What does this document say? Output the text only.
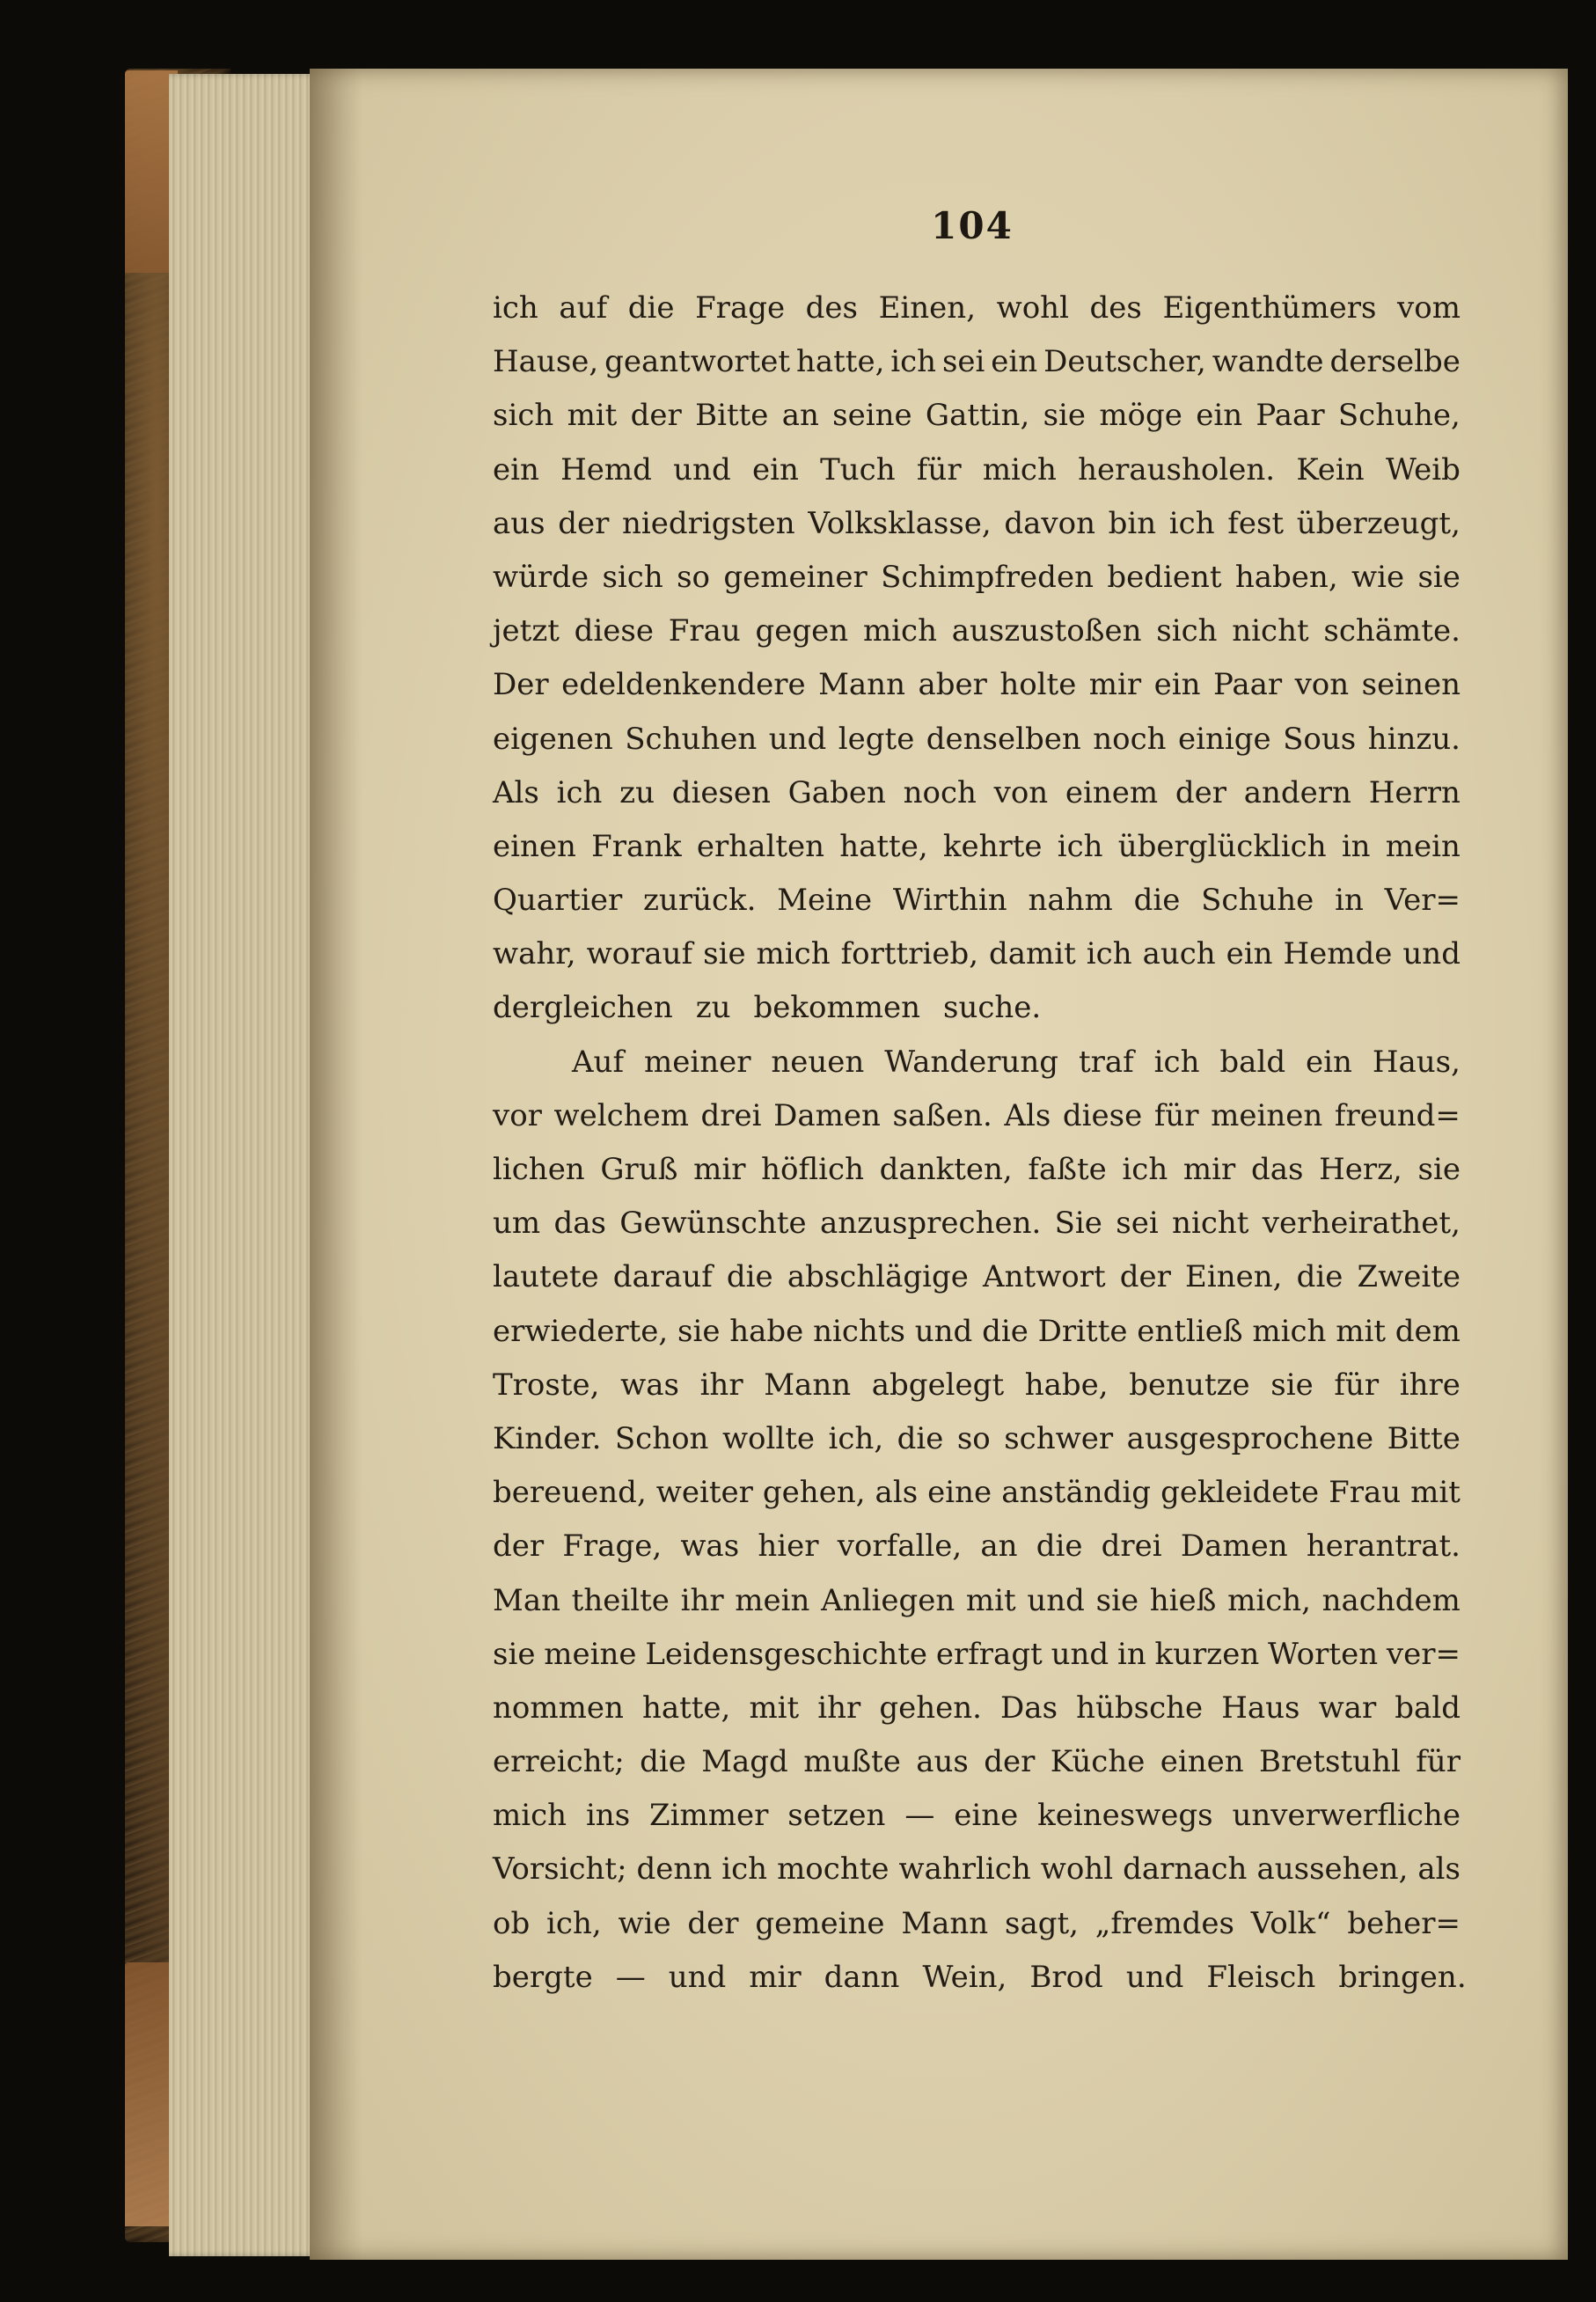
104
ich auf die Frage des Einen, wohl des Eigenthümers vom
Hause, geantwortet hatte, ich sei ein Deutscher, wandte derselbe
sich mit der Bitte an seine Gattin, sie möge ein Paar Schuhe,
ein Hemd und ein Tuch für mich herausholen. Kein Weib
aus der niedrigsten Volksklasse, davon bin ich fest überzeugt,
würde sich so gemeiner Schimpfreden bedient haben, wie sie
jetzt diese Frau gegen mich auszustoßen sich nicht schämte.
Der edeldenkendere Mann aber holte mir ein Paar von seinen
eigenen Schuhen und legte denselben noch einige Sous hinzu.
Als ich zu diesen Gaben noch von einem der andern Herrn
einen Frank erhalten hatte, kehrte ich überglücklich in mein
Quartier zurück. Meine Wirthin nahm die Schuhe in Ver=
wahr, worauf sie mich forttrieb, damit ich auch ein Hemde und
dergleichen zu bekommen suche.
Auf meiner neuen Wanderung traf ich bald ein Haus,
vor welchem drei Damen saßen. Als diese für meinen freund=
lichen Gruß mir höflich dankten, faßte ich mir das Herz, sie
um das Gewünschte anzusprechen. Sie sei nicht verheirathet,
lautete darauf die abschlägige Antwort der Einen, die Zweite
erwiederte, sie habe nichts und die Dritte entließ mich mit dem
Troste, was ihr Mann abgelegt habe, benutze sie für ihre
Kinder. Schon wollte ich, die so schwer ausgesprochene Bitte
bereuend, weiter gehen, als eine anständig gekleidete Frau mit
der Frage, was hier vorfalle, an die drei Damen herantrat.
Man theilte ihr mein Anliegen mit und sie hieß mich, nachdem
sie meine Leidensgeschichte erfragt und in kurzen Worten ver=
nommen hatte, mit ihr gehen. Das hübsche Haus war bald
erreicht; die Magd mußte aus der Küche einen Bretstuhl für
mich ins Zimmer setzen — eine keineswegs unverwerfliche
Vorsicht; denn ich mochte wahrlich wohl darnach aussehen, als
ob ich, wie der gemeine Mann sagt, „fremdes Volk“ beher=
bergte — und mir dann Wein, Brod und Fleisch bringen.
